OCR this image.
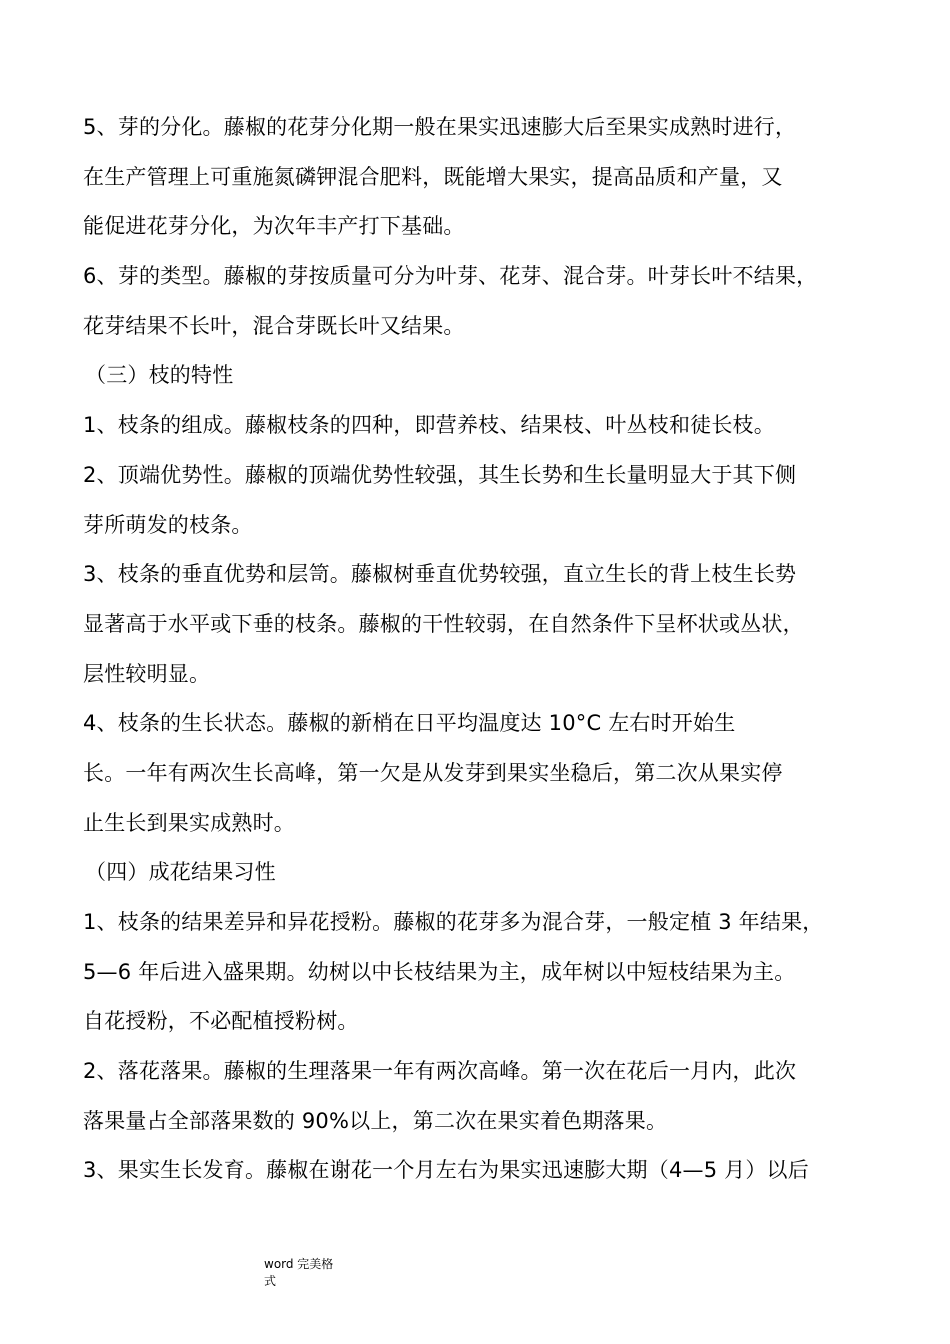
5、芽的分化。藤椒的花芽分化期一般在果实迅速膨大后至果实成熟时进行，
在生产管理上可重施氮磷钾混合肥料，既能增大果实，提高品质和产量，又
能促进花芽分化，为次年丰产打下基础。
6、芽的类型。藤椒的芽按质量可分为叶芽、花芽、混合芽。叶芽长叶不结果，
花芽结果不长叶，混合芽既长叶又结果。
（三）枝的特性
1、枝条的组成。藤椒枝条的四种，即营养枝、结果枝、叶丛枝和徒长枝。
2、顶端优势性。藤椒的顶端优势性较强，其生长势和生长量明显大于其下侧
芽所萌发的枝条。
3、枝条的垂直优势和层笥。藤椒树垂直优势较强，直立生长的背上枝生长势
显著高于水平或下垂的枝条。藤椒的干性较弱，在自然条件下呈杯状或丛状，
层性较明显。
4、枝条的生长状态。藤椒的新梢在日平均温度达 10°C 左右时开始生
长。一年有两次生长高峰，第一欠是从发芽到果实坐稳后，第二次从果实停
止生长到果实成熟时。
（四）成花结果习性
1、枝条的结果差异和异花授粉。藤椒的花芽多为混合芽，一般定植 3 年结果，
5—6 年后进入盛果期。幼树以中长枝结果为主，成年树以中短枝结果为主。
自花授粉，不必配植授粉树。
2、落花落果。藤椒的生理落果一年有两次高峰。第一次在花后一月内，此次
落果量占全部落果数的 90%以上，第二次在果实着色期落果。
3、果实生长发育。藤椒在谢花一个月左右为果实迅速膨大期（4—5 月）以后
word 完美格
式
